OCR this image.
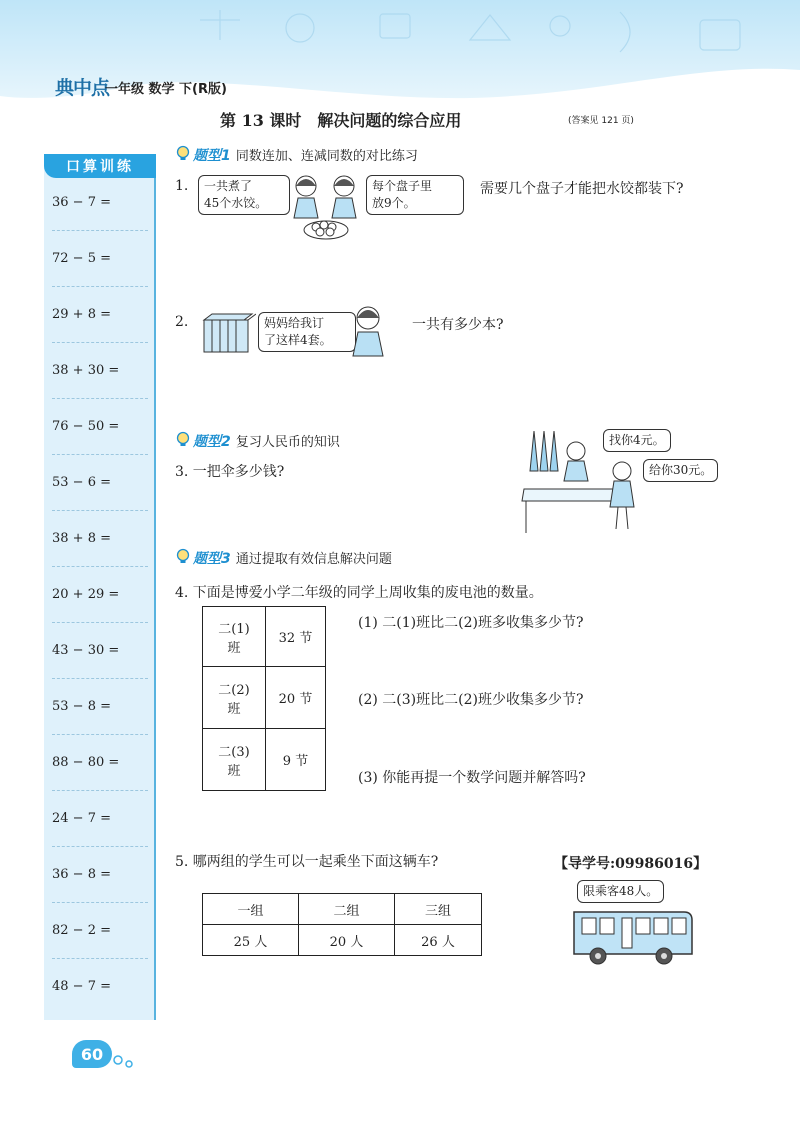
典中点
一年级 数学 下(R版)
第 13 课时　解决问题的综合应用	(答案见 121 页)
口算训练
36 − 7 =
72 − 5 =
29 + 8 =
38 + 30 =
76 − 50 =
53 − 6 =
38 + 8 =
20 + 29 =
43 − 30 =
53 − 8 =
88 − 80 =
24 − 7 =
36 − 8 =
82 − 2 =
48 − 7 =
60
题型1 同数连加、连减同数的对比练习
1. 一共煮了
45个水饺。
每个盘子里
放9个。
需要几个盘子才能把水饺都装下?
2.	妈妈给我订
了这样4套。
一共有多少本?
题型2 复习人民币的知识
3. 一把伞多少钱?
找你4元。
给你30元。
题型3 通过提取有效信息解决问题
4. 下面是博爱小学二年级的同学上周收集的废电池的数量。
二(1)
班	32 节

二(2)
班	20 节

二(3)
班	9 节
(1) 二(1)班比二(2)班多收集多少节?
(2) 二(3)班比二(2)班少收集多少节?
(3) 你能再提一个数学问题并解答吗?
5. 哪两组的学生可以一起乘坐下面这辆车?	【导学号:09986016】
一组	二组	三组
25 人	20 人	26 人
限乘客48人。
